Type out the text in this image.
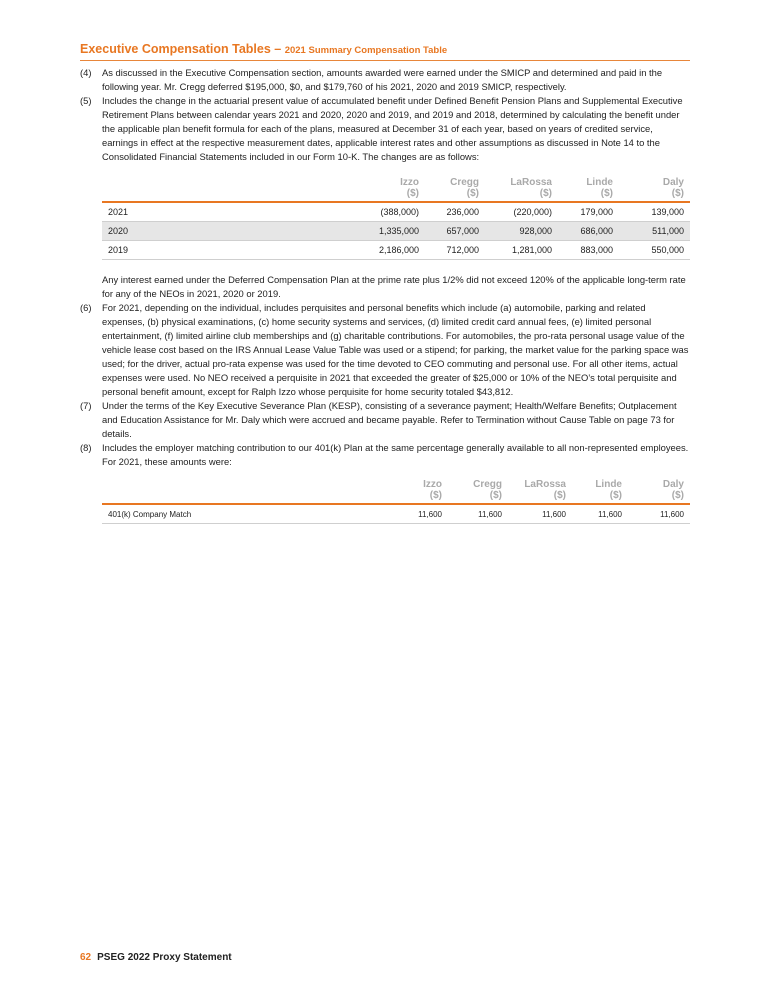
Executive Compensation Tables – 2021 Summary Compensation Table
(4) As discussed in the Executive Compensation section, amounts awarded were earned under the SMICP and determined and paid in the following year. Mr. Cregg deferred $195,000, $0, and $179,760 of his 2021, 2020 and 2019 SMICP, respectively.
(5) Includes the change in the actuarial present value of accumulated benefit under Defined Benefit Pension Plans and Supplemental Executive Retirement Plans between calendar years 2021 and 2020, 2020 and 2019, and 2019 and 2018, determined by calculating the benefit under the applicable plan benefit formula for each of the plans, measured at December 31 of each year, based on years of credited service, earnings in effect at the respective measurement dates, applicable interest rates and other assumptions as discussed in Note 14 to the Consolidated Financial Statements included in our Form 10-K. The changes are as follows:
	Izzo
($)	Cregg
($)	LaRossa
($)	Linde
($)	Daly
($)

2021	(388,000)	236,000	(220,000)	179,000	139,000
2020	1,335,000	657,000	928,000	686,000	511,000
2019	2,186,000	712,000	1,281,000	883,000	550,000
Any interest earned under the Deferred Compensation Plan at the prime rate plus 1/2% did not exceed 120% of the applicable long-term rate for any of the NEOs in 2021, 2020 or 2019.
(6) For 2021, depending on the individual, includes perquisites and personal benefits which include (a) automobile, parking and related expenses, (b) physical examinations, (c) home security systems and services, (d) limited credit card annual fees, (e) limited personal entertainment, (f) limited airline club memberships and (g) charitable contributions. For automobiles, the pro-rata personal usage value of the vehicle lease cost based on the IRS Annual Lease Value Table was used or a stipend; for parking, the market value for the parking space was used; for the driver, actual pro-rata expense was used for the time devoted to CEO commuting and personal use. For all other items, actual expenses were used. No NEO received a perquisite in 2021 that exceeded the greater of $25,000 or 10% of the NEO’s total perquisite and personal benefit amount, except for Ralph Izzo whose perquisite for home security totaled $43,812.
(7) Under the terms of the Key Executive Severance Plan (KESP), consisting of a severance payment; Health/Welfare Benefits; Outplacement and Education Assistance for Mr. Daly which were accrued and became payable. Refer to Termination without Cause Table on page 73 for details.
(8) Includes the employer matching contribution to our 401(k) Plan at the same percentage generally available to all non-represented employees. For 2021, these amounts were:
	Izzo
($)	Cregg
($)	LaRossa
($)	Linde
($)	Daly
($)

401(k) Company Match	11,600	11,600	11,600	11,600	11,600
62 PSEG 2022 Proxy Statement
